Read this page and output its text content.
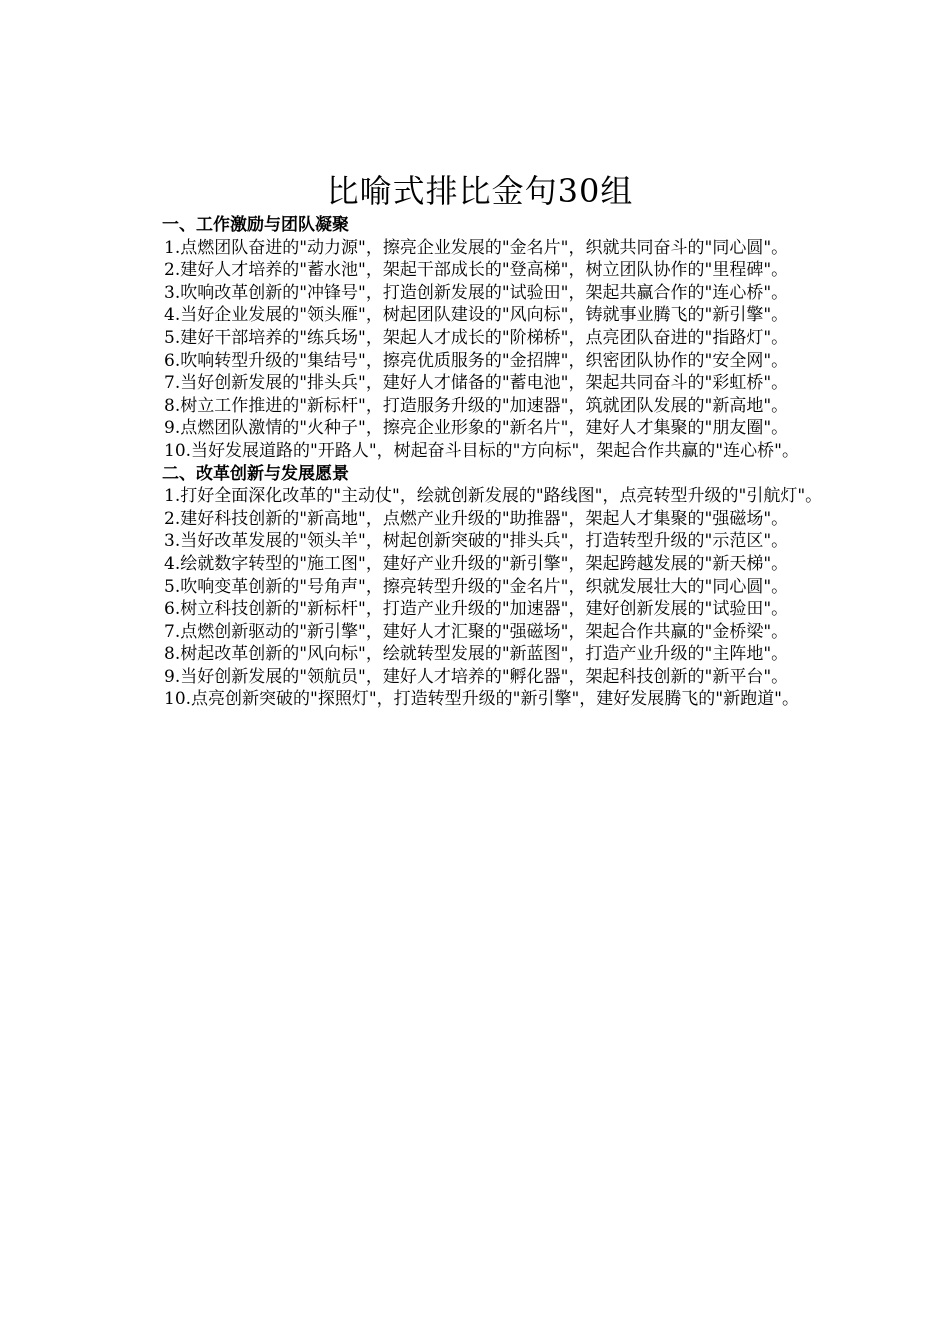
比喻式排比金句30组

一、工作激励与团队凝聚

1.点燃团队奋进的"动力源"，擦亮企业发展的"金名片"，织就共同奋斗的"同心圆"。

2.建好人才培养的"蓄水池"，架起干部成长的"登高梯"，树立团队协作的"里程碑"。

3.吹响改革创新的"冲锋号"，打造创新发展的"试验田"，架起共赢合作的"连心桥"。

4.当好企业发展的"领头雁"，树起团队建设的"风向标"，铸就事业腾飞的"新引擎"。

5.建好干部培养的"练兵场"，架起人才成长的"阶梯桥"，点亮团队奋进的"指路灯"。

6.吹响转型升级的"集结号"，擦亮优质服务的"金招牌"，织密团队协作的"安全网"。

7.当好创新发展的"排头兵"，建好人才储备的"蓄电池"，架起共同奋斗的"彩虹桥"。

8.树立工作推进的"新标杆"，打造服务升级的"加速器"，筑就团队发展的"新高地"。

9.点燃团队激情的"火种子"，擦亮企业形象的"新名片"，建好人才集聚的"朋友圈"。

10.当好发展道路的"开路人"，树起奋斗目标的"方向标"，架起合作共赢的"连心桥"。

二、改革创新与发展愿景

1.打好全面深化改革的"主动仗"，绘就创新发展的"路线图"，点亮转型升级的"引航灯"。

2.建好科技创新的"新高地"，点燃产业升级的"助推器"，架起人才集聚的"强磁场"。

3.当好改革发展的"领头羊"，树起创新突破的"排头兵"，打造转型升级的"示范区"。

4.绘就数字转型的"施工图"，建好产业升级的"新引擎"，架起跨越发展的"新天梯"。

5.吹响变革创新的"号角声"，擦亮转型升级的"金名片"，织就发展壮大的"同心圆"。

6.树立科技创新的"新标杆"，打造产业升级的"加速器"，建好创新发展的"试验田"。

7.点燃创新驱动的"新引擎"，建好人才汇聚的"强磁场"，架起合作共赢的"金桥梁"。

8.树起改革创新的"风向标"，绘就转型发展的"新蓝图"，打造产业升级的"主阵地"。

9.当好创新发展的"领航员"，建好人才培养的"孵化器"，架起科技创新的"新平台"。

10.点亮创新突破的"探照灯"，打造转型升级的"新引擎"，建好发展腾飞的"新跑道"。
